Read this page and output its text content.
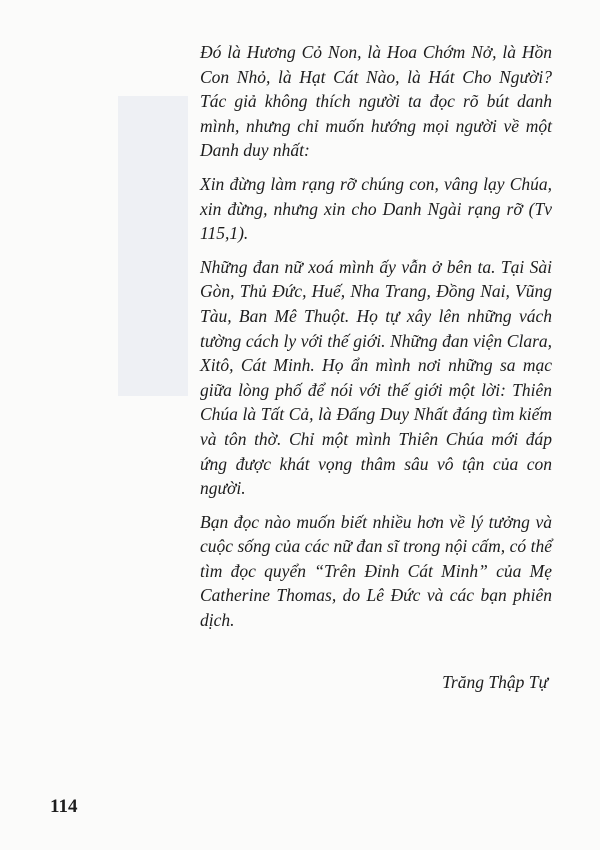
Đó là Hương Cỏ Non, là Hoa Chớm Nở, là Hồn Con Nhỏ, là Hạt Cát Nào, là Hát Cho Người? Tác giả không thích người ta đọc rõ bút danh mình, nhưng chỉ muốn hướng mọi người về một Danh duy nhất:

Xin đừng làm rạng rỡ chúng con, vâng lạy Chúa, xin đừng, nhưng xin cho Danh Ngài rạng rỡ (Tv 115,1).

Những đan nữ xoá mình ấy vẫn ở bên ta. Tại Sài Gòn, Thủ Đức, Huế, Nha Trang, Đồng Nai, Vũng Tàu, Ban Mê Thuột. Họ tự xây lên những vách tường cách ly với thế giới. Những đan viện Clara, Xitô, Cát Minh. Họ ẩn mình nơi những sa mạc giữa lòng phố để nói với thế giới một lời: Thiên Chúa là Tất Cả, là Đấng Duy Nhất đáng tìm kiếm và tôn thờ. Chỉ một mình Thiên Chúa mới đáp ứng được khát vọng thâm sâu vô tận của con người.

Bạn đọc nào muốn biết nhiều hơn về lý tưởng và cuộc sống của các nữ đan sĩ trong nội cấm, có thể tìm đọc quyển “Trên Đỉnh Cát Minh” của Mẹ Catherine Thomas, do Lê Đức và các bạn phiên dịch.

Trăng Thập Tự
114
